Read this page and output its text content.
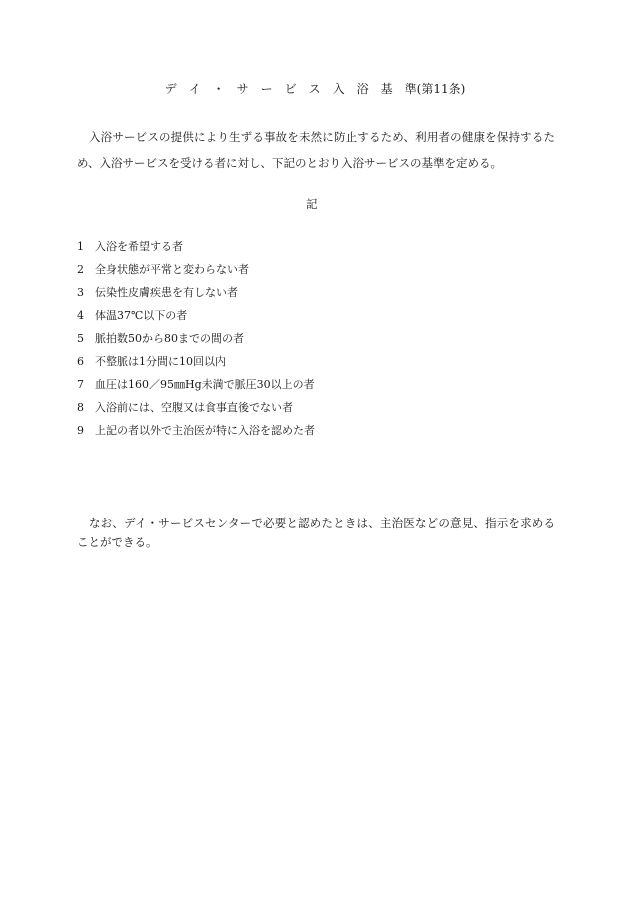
デ　イ　・　サ　ー　ビ　ス　入　浴　基　準(第11条)

入浴サービスの提供により生ずる事故を未然に防止するため、利用者の健康を保持するため、入浴サービスを受ける者に対し、下記のとおり入浴サービスの基準を定める。

記
1	入浴を希望する者
2	全身状態が平常と変わらない者
3	伝染性皮膚疾患を有しない者
4	体温37℃以下の者
5	脈拍数50から80までの間の者
6	不整脈は1分間に10回以内
7	血圧は160／95㎜Hg未満で脈圧30以上の者
8	入浴前には、空腹又は食事直後でない者
9	上記の者以外で主治医が特に入浴を認めた者

なお、デイ・サービスセンターで必要と認めたときは、主治医などの意見、指示を求めることができる。
